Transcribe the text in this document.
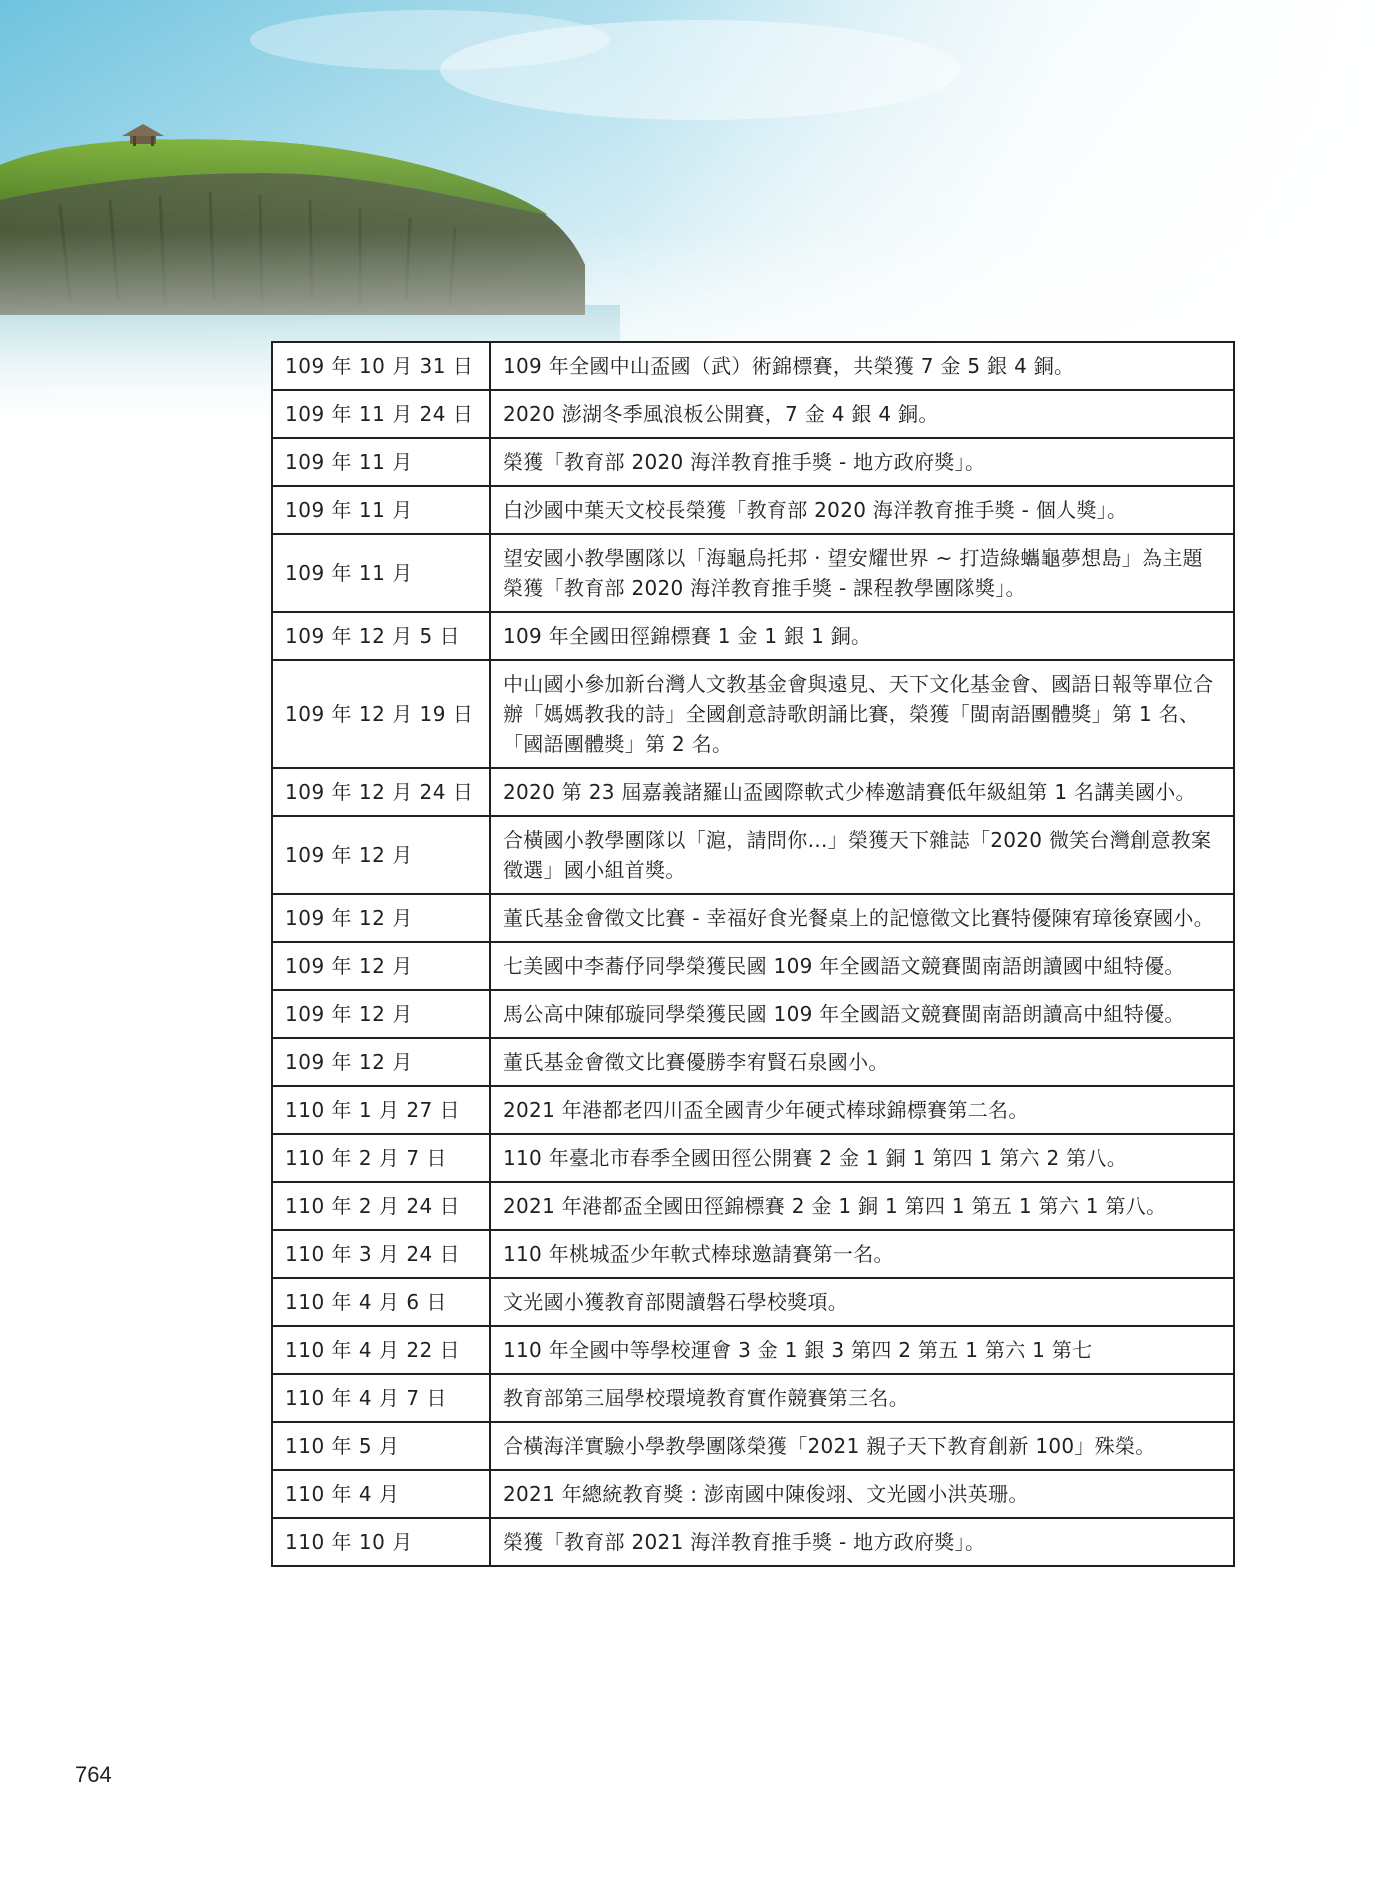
109 年 10 月 31 日	109 年全國中山盃國（武）術錦標賽，共榮獲 7 金 5 銀 4 銅。
109 年 11 月 24 日	2020 澎湖冬季風浪板公開賽，7 金 4 銀 4 銅。
109 年 11 月	榮獲「教育部 2020 海洋教育推手獎 - 地方政府獎」。
109 年 11 月	白沙國中葉天文校長榮獲「教育部 2020 海洋教育推手獎 - 個人獎」。
109 年 11 月	望安國小教學團隊以「海龜烏托邦 ‧ 望安耀世界 ~ 打造綠蠵龜夢想島」為主題榮獲「教育部 2020 海洋教育推手獎 - 課程教學團隊獎」。
109 年 12 月 5 日	109 年全國田徑錦標賽 1 金 1 銀 1 銅。
109 年 12 月 19 日	中山國小參加新台灣人文教基金會與遠見、天下文化基金會、國語日報等單位合辦「媽媽教我的詩」全國創意詩歌朗誦比賽，榮獲「閩南語團體獎」第 1 名、「國語團體獎」第 2 名。
109 年 12 月 24 日	2020 第 23 屆嘉義諸羅山盃國際軟式少棒邀請賽低年級組第 1 名講美國小。
109 年 12 月	合橫國小教學團隊以「滬，請問你…」榮獲天下雜誌「2020 微笑台灣創意教案徵選」國小組首獎。
109 年 12 月	董氏基金會徵文比賽 - 幸福好食光餐桌上的記憶徵文比賽特優陳宥璋後寮國小。
109 年 12 月	七美國中李蕎伃同學榮獲民國 109 年全國語文競賽閩南語朗讀國中組特優。
109 年 12 月	馬公高中陳郁璇同學榮獲民國 109 年全國語文競賽閩南語朗讀高中組特優。
109 年 12 月	董氏基金會徵文比賽優勝李宥賢石泉國小。
110 年 1 月 27 日	2021 年港都老四川盃全國青少年硬式棒球錦標賽第二名。
110 年 2 月 7 日	110 年臺北市春季全國田徑公開賽 2 金 1 銅 1 第四 1 第六 2 第八。
110 年 2 月 24 日	2021 年港都盃全國田徑錦標賽 2 金 1 銅 1 第四 1 第五 1 第六 1 第八。
110 年 3 月 24 日	110 年桃城盃少年軟式棒球邀請賽第一名。
110 年 4 月 6 日	文光國小獲教育部閱讀磐石學校獎項。
110 年 4 月 22 日	110 年全國中等學校運會 3 金 1 銀 3 第四 2 第五 1 第六 1 第七
110 年 4 月 7 日	教育部第三屆學校環境教育實作競賽第三名。
110 年 5 月	合橫海洋實驗小學教學團隊榮獲「2021 親子天下教育創新 100」殊榮。
110 年 4 月	2021 年總統教育獎 : 澎南國中陳俊翊、文光國小洪英珊。
110 年 10 月	榮獲「教育部 2021 海洋教育推手獎 - 地方政府獎」。
764
